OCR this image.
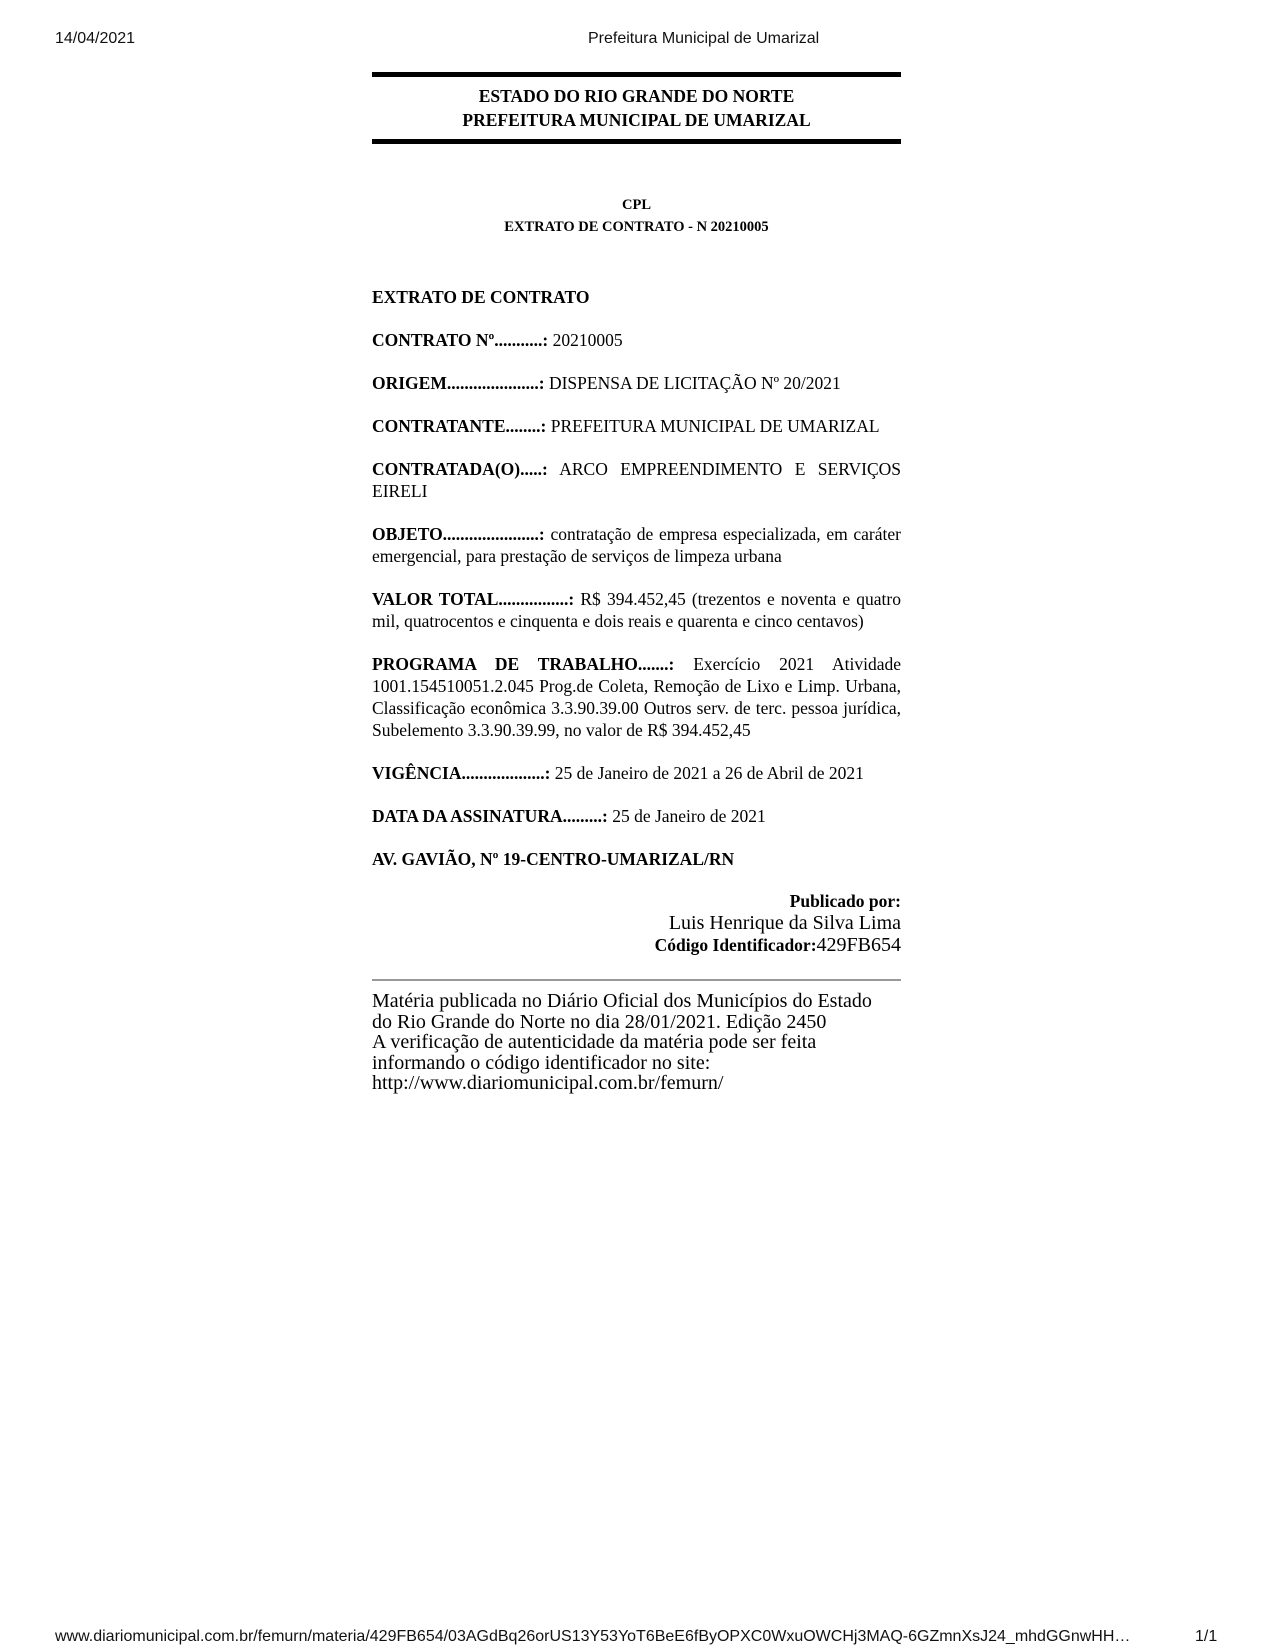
14/04/2021	Prefeitura Municipal de Umarizal
ESTADO DO RIO GRANDE DO NORTE
PREFEITURA MUNICIPAL DE UMARIZAL
CPL
EXTRATO DE CONTRATO - N 20210005
EXTRATO DE CONTRATO
CONTRATO Nº...........: 20210005
ORIGEM.....................: DISPENSA DE LICITAÇÃO Nº 20/2021
CONTRATANTE........: PREFEITURA MUNICIPAL DE UMARIZAL
CONTRATADA(O).....: ARCO EMPREENDIMENTO E SERVIÇOS EIRELI
OBJETO......................: contratação de empresa especializada, em caráter emergencial, para prestação de serviços de limpeza urbana
VALOR TOTAL................: R$ 394.452,45 (trezentos e noventa e quatro mil, quatrocentos e cinquenta e dois reais e quarenta e cinco centavos)
PROGRAMA DE TRABALHO.......: Exercício 2021 Atividade 1001.154510051.2.045 Prog.de Coleta, Remoção de Lixo e Limp. Urbana, Classificação econômica 3.3.90.39.00 Outros serv. de terc. pessoa jurídica, Subelemento 3.3.90.39.99, no valor de R$ 394.452,45
VIGÊNCIA...................: 25 de Janeiro de 2021 a 26 de Abril de 2021
DATA DA ASSINATURA.........: 25 de Janeiro de 2021
AV. GAVIÃO, Nº 19-CENTRO-UMARIZAL/RN
Publicado por:
Luis Henrique da Silva Lima
Código Identificador:429FB654
Matéria publicada no Diário Oficial dos Municípios do Estado
do Rio Grande do Norte no dia 28/01/2021. Edição 2450
A verificação de autenticidade da matéria pode ser feita
informando o código identificador no site:
http://www.diariomunicipal.com.br/femurn/
www.diariomunicipal.com.br/femurn/materia/429FB654/03AGdBq26orUS13Y53YoT6BeE6fByOPXC0WxuOWCHj3MAQ-6GZmnXsJ24_mhdGGnwHH…	1/1
